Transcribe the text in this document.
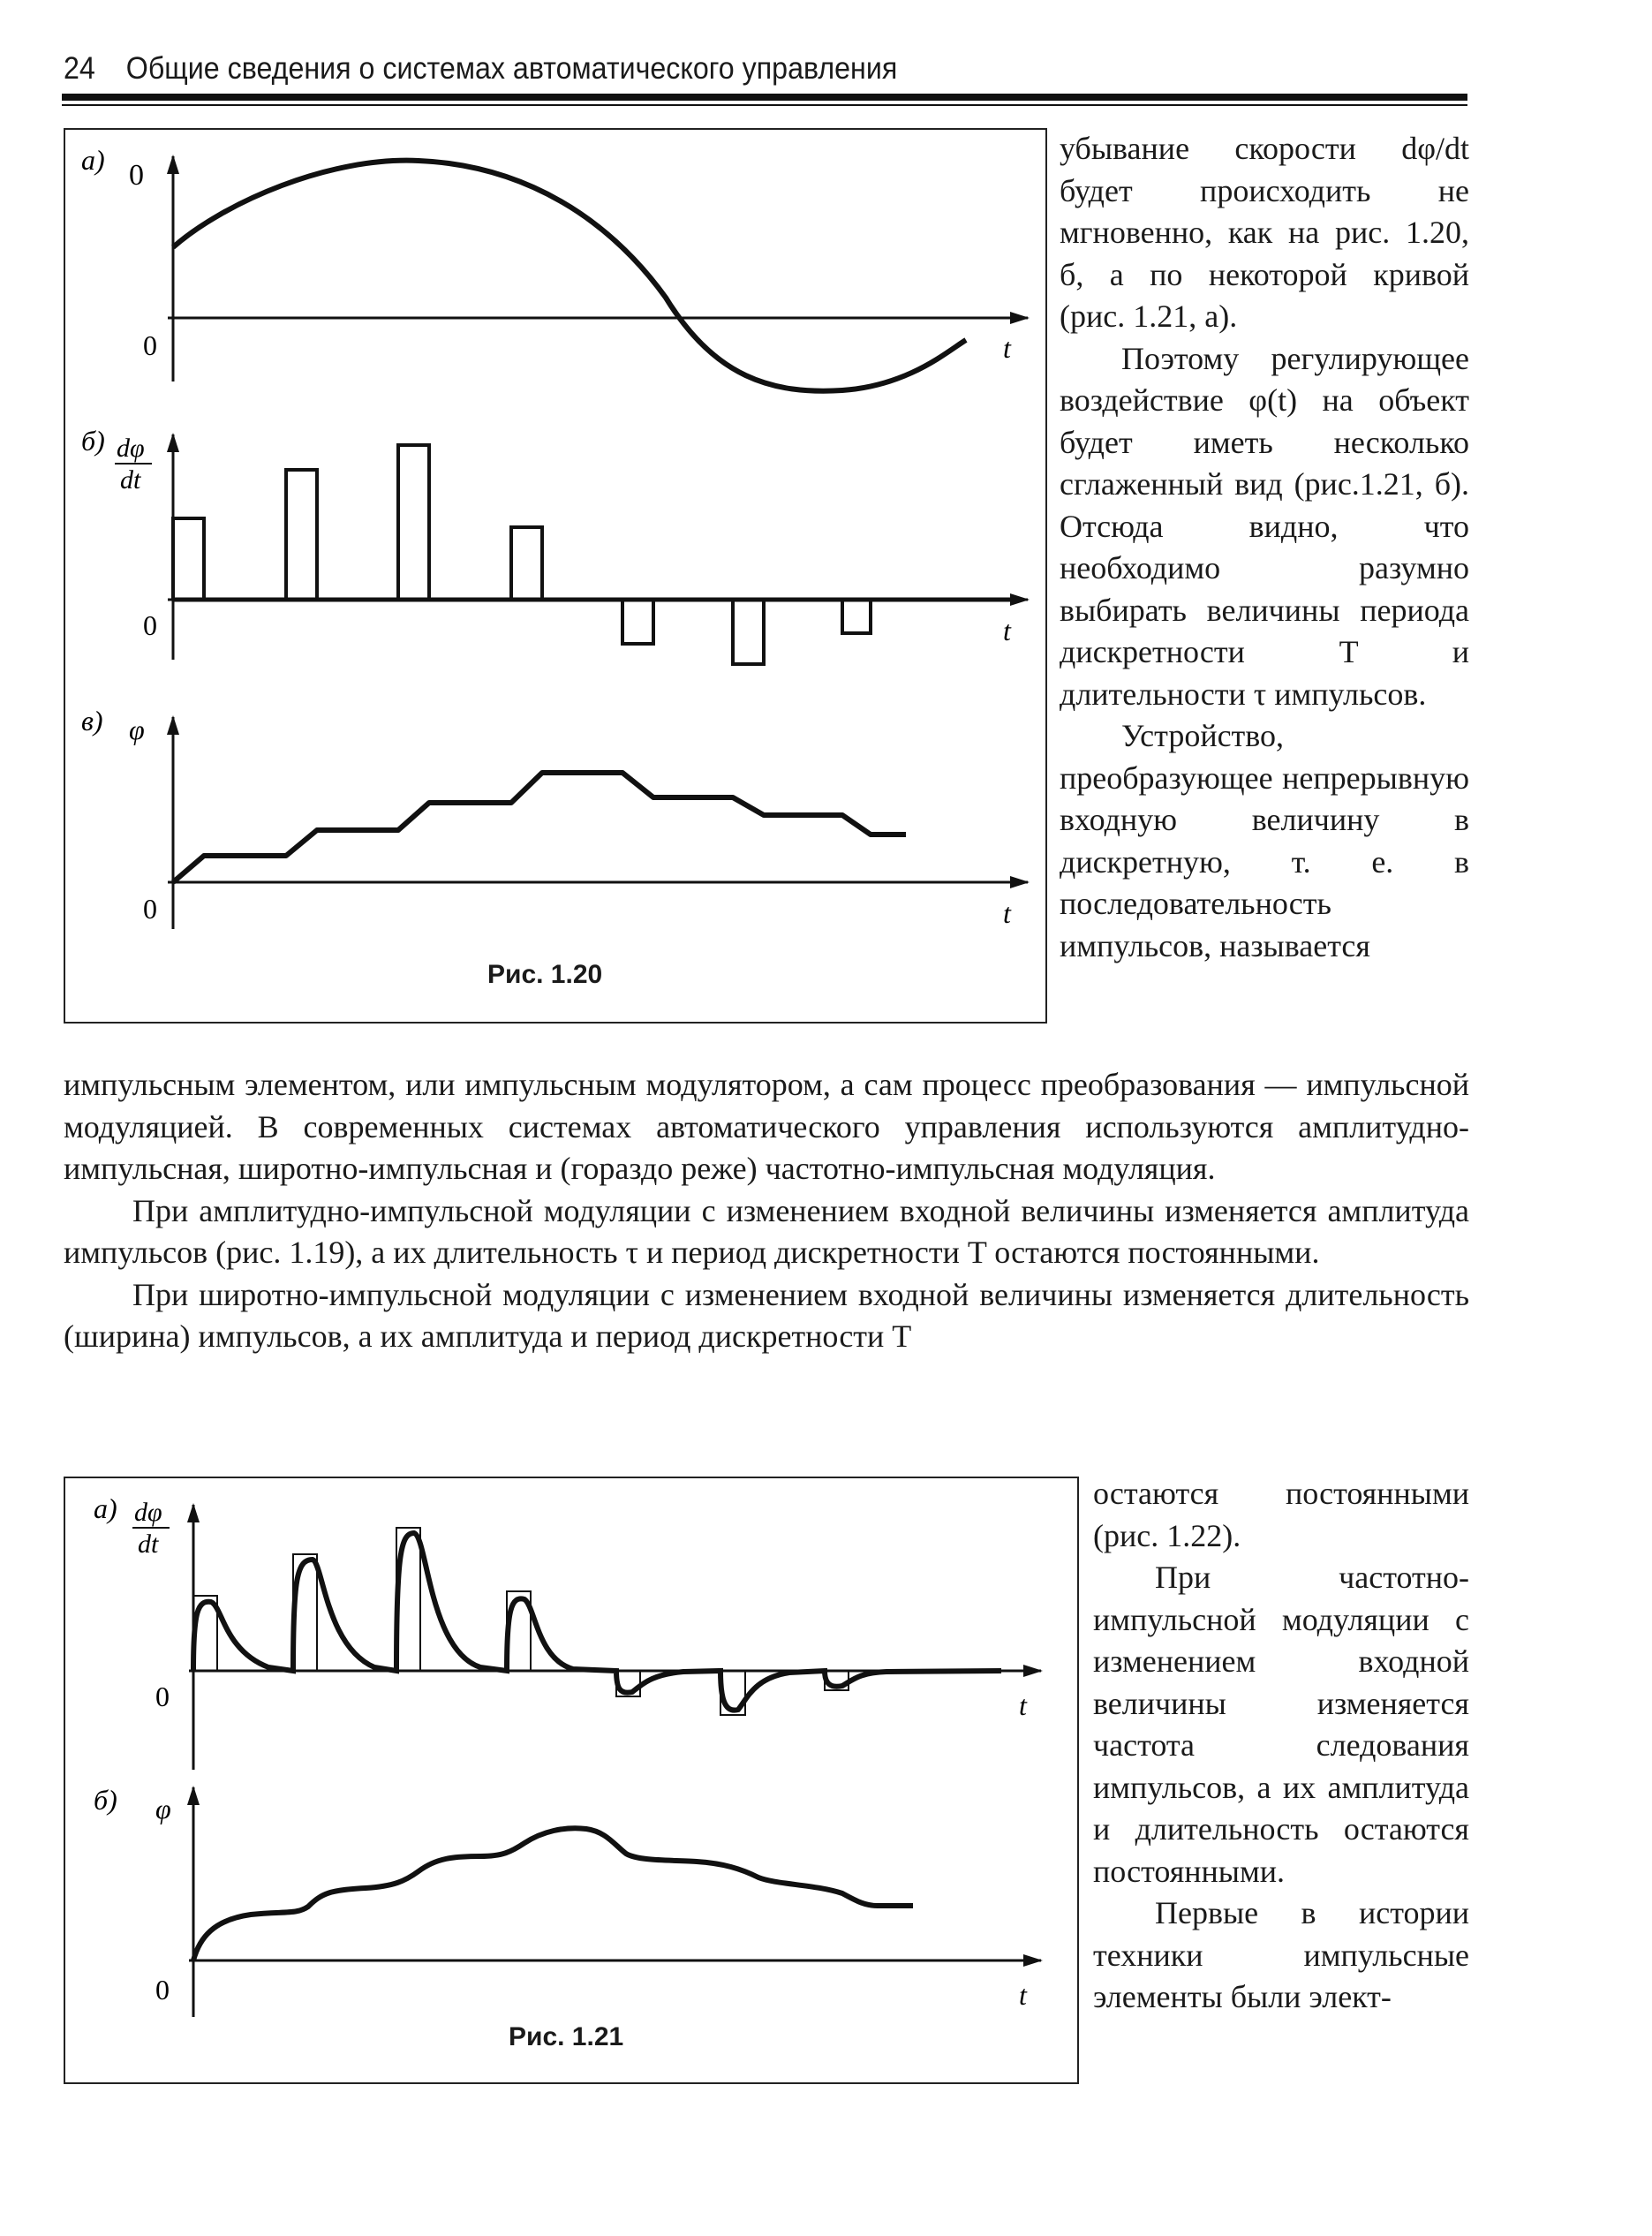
24 Общие сведения о системах автоматического управления
а) 0
0	t
б) dφ
dt
0	t
в) φ
0	t
Рис. 1.20

убывание скорости dφ/dt будет происходить не мгновенно, как на рис. 1.20, б, а по некоторой кривой (рис. 1.21, а).

Поэтому регулирующее воздействие φ(t) на объект будет иметь несколько сглаженный вид (рис.1.21, б). Отсюда видно, что необходимо разумно выбирать величины периода дискретности T и длительности τ импульсов.

Устройство, преобразующее непрерывную входную величину в дискретную, т. е. в последовательность импульсов, называется

импульсным элементом, или импульсным модулятором, а сам процесс преобразования — импульсной модуляцией. В современных системах автоматического управления используются амплитудно-импульсная, широтно-импульсная и (гораздо реже) частотно-импульсная модуляция.

При амплитудно-импульсной модуляции с изменением входной величины изменяется амплитуда импульсов (рис. 1.19), а их длительность τ и период дискретности T остаются постоянными.

При широтно-импульсной модуляции с изменением входной величины изменяется длительность (ширина) импульсов, а их амплитуда и период дискретности T

а) dφ
dt
0	t
б) φ
0	t
Рис. 1.21

остаются постоянными (рис. 1.22).

При частотно-импульсной модуляции с изменением входной величины изменяется частота следования импульсов, а их амплитуда и длительность остаются постоянными.

Первые в истории техники импульсные элементы были элект-
